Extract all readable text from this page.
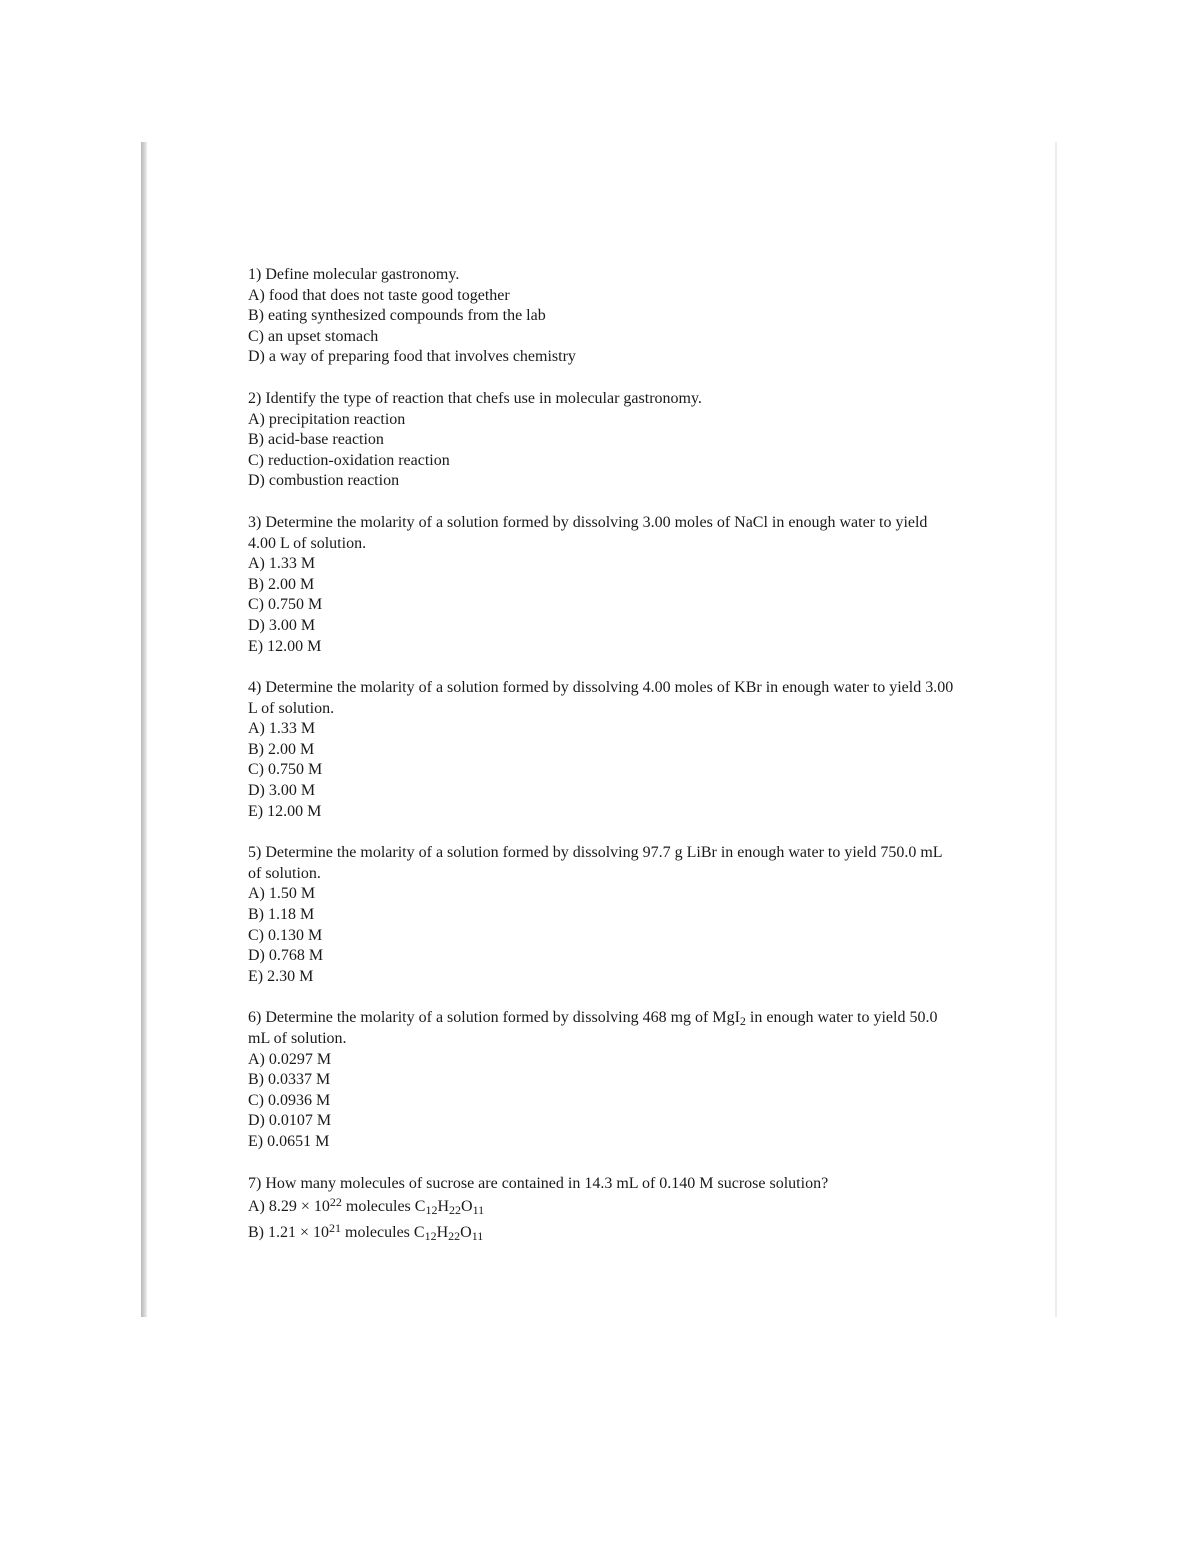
1) Define molecular gastronomy.

A) food that does not taste good together

B) eating synthesized compounds from the lab

C) an upset stomach

D) a way of preparing food that involves chemistry

2) Identify the type of reaction that chefs use in molecular gastronomy.

A) precipitation reaction

B) acid-base reaction

C) reduction-oxidation reaction

D) combustion reaction

3) Determine the molarity of a solution formed by dissolving 3.00 moles of NaCl in enough water to yield 4.00 L of solution.

A) 1.33 M

B) 2.00 M

C) 0.750 M

D) 3.00 M

E) 12.00 M

4) Determine the molarity of a solution formed by dissolving 4.00 moles of KBr in enough water to yield 3.00 L of solution.

A) 1.33 M

B) 2.00 M

C) 0.750 M

D) 3.00 M

E) 12.00 M

5) Determine the molarity of a solution formed by dissolving 97.7 g LiBr in enough water to yield 750.0 mL of solution.

A) 1.50 M

B) 1.18 M

C) 0.130 M

D) 0.768 M

E) 2.30 M

6) Determine the molarity of a solution formed by dissolving 468 mg of MgI$_2$ in enough water to yield 50.0 mL of solution.

A) 0.0297 M

B) 0.0337 M

C) 0.0936 M

D) 0.0107 M

E) 0.0651 M

7) How many molecules of sucrose are contained in 14.3 mL of 0.140 M sucrose solution?

A) $8.29 \times 10^{22}$ molecules $C_{12}H_{22}O_{11}$

B) $1.21 \times 10^{21}$ molecules $C_{12}H_{22}O_{11}$
